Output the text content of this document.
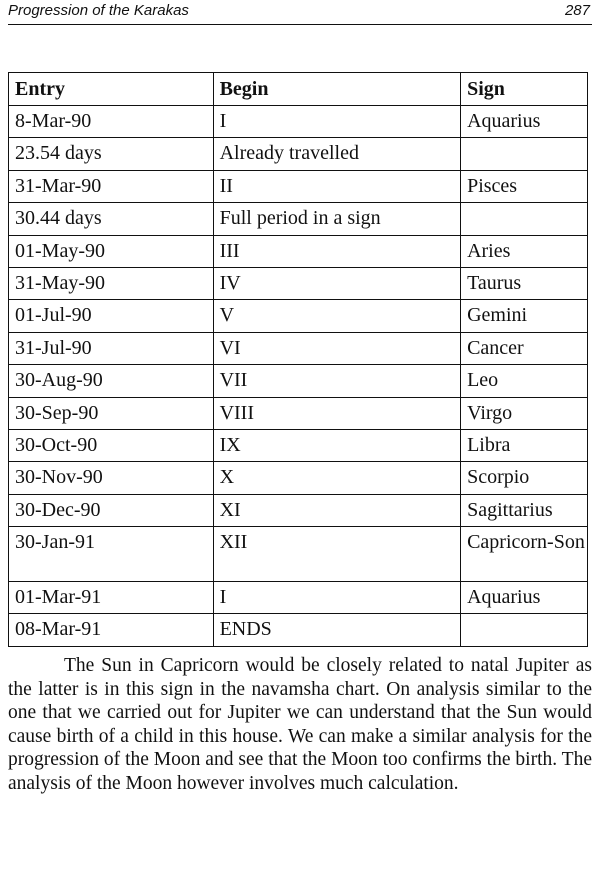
Progression of the Karakas	287
Entry	Begin	Sign
8-Mar-90	I	Aquarius
23.54 days	Already travelled	
31-Mar-90	II	Pisces
30.44 days	Full period in a sign	
01-May-90	III	Aries
31-May-90	IV	Taurus
01-Jul-90	V	Gemini
31-Jul-90	VI	Cancer
30-Aug-90	VII	Leo
30-Sep-90	VIII	Virgo
30-Oct-90	IX	Libra
30-Nov-90	X	Scorpio
30-Dec-90	XI	Sagittarius
30-Jan-91	XII	Capricorn-Son
01-Mar-91	I	Aquarius
08-Mar-91	ENDS	

The Sun in Capricorn would be closely related to natal Jupiter as the latter is in this sign in the navamsha chart. On analysis similar to the one that we carried out for Jupiter we can understand that the Sun would cause birth of a child in this house. We can make a similar analysis for the progression of the Moon and see that the Moon too confirms the birth. The analysis of the Moon however involves much calculation.
